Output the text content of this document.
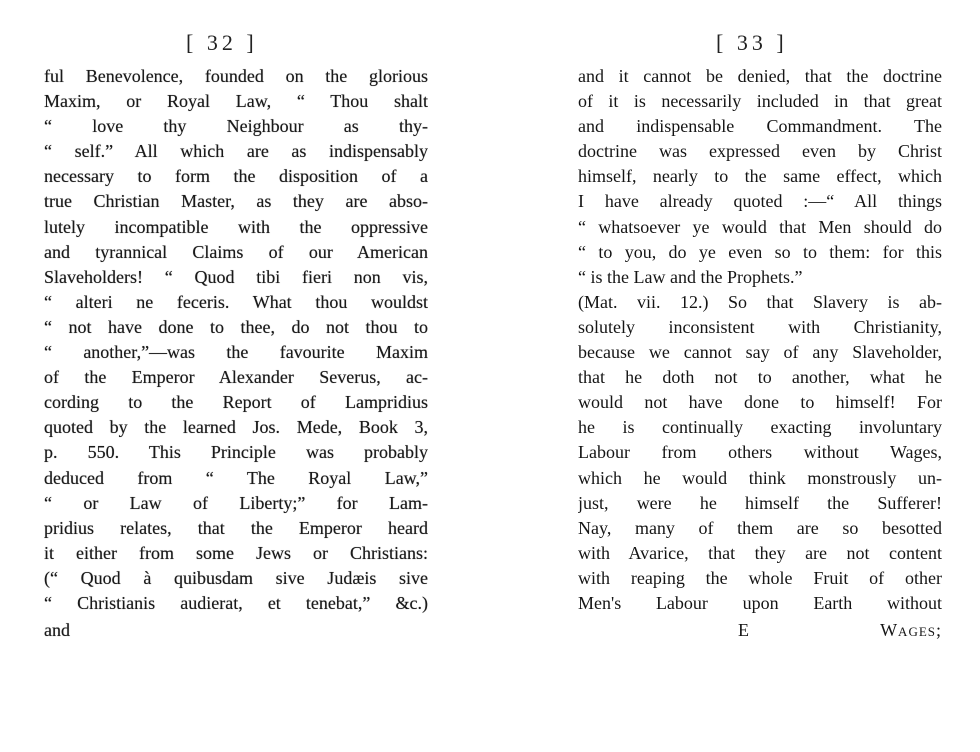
[ 32 ]
ful Benevolence, founded on the glorious
Maxim, or Royal Law, “ Thou shalt
“ love thy Neighbour as thy-
“ self.” All which are as indispensably
necessary to form the disposition of a
true Christian Master, as they are abso-
lutely incompatible with the oppressive
and tyrannical Claims of our American
Slaveholders! “ Quod tibi fieri non vis,
“ alteri ne feceris. What thou wouldst
“ not have done to thee, do not thou to
“ another,”—was the favourite Maxim
of the Emperor Alexander Severus, ac-
cording to the Report of Lampridius
quoted by the learned Jos. Mede, Book 3,
p. 550. This Principle was probably
deduced from “ The Royal Law,”
“ or Law of Liberty;” for Lam-
pridius relates, that the Emperor heard
it either from some Jews or Christians:
(“ Quod à quibusdam sive Judæis sive
“ Christianis audierat, et tenebat,” &c.)
and
[ 33 ]
and it cannot be denied, that the doctrine
of it is necessarily included in that great
and indispensable Commandment. The
doctrine was expressed even by Christ
himself, nearly to the same effect, which
I have already quoted :—“ All things
“ whatsoever ye would that Men should do
“ to you, do ye even so to them: for this
“ is the Law and the Prophets.”
(Mat. vii. 12.) So that Slavery is ab-
solutely inconsistent with Christianity,
because we cannot say of any Slaveholder,
that he doth not to another, what he
would not have done to himself! For
he is continually exacting involuntary
Labour from others without Wages,
which he would think monstrously un-
just, were he himself the Sufferer!
Nay, many of them are so besotted
with Avarice, that they are not content
with reaping the whole Fruit of other
Men's Labour upon Earth without
E	Wages;
